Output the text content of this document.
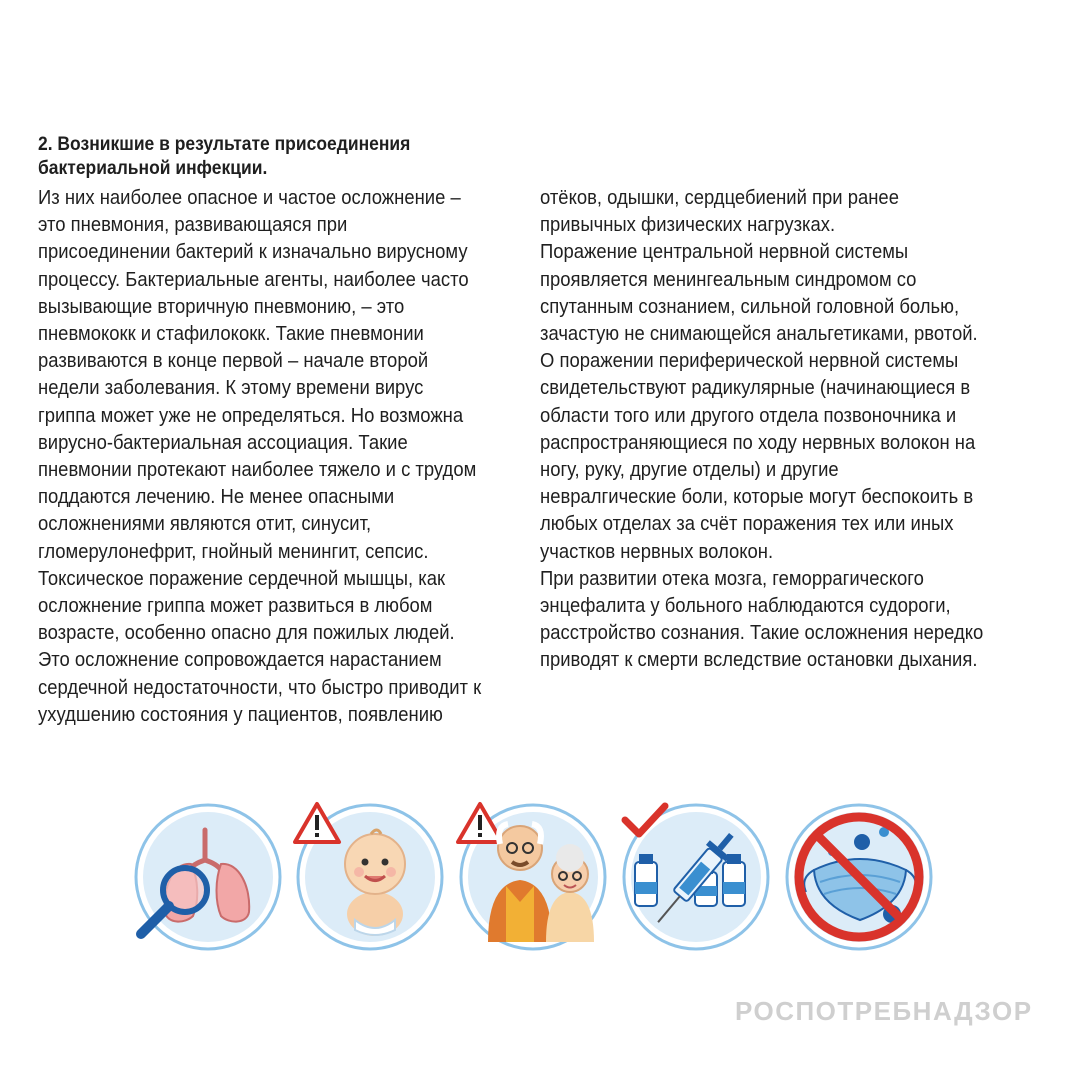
2. Возникшие в результате присоединения
бактериальной инфекции.
Из них наиболее опасное и частое осложнение –
это пневмония, развивающаяся при
присоединении бактерий к изначально вирусному
процессу. Бактериальные агенты, наиболее часто
вызывающие вторичную пневмонию, – это
пневмококк и стафилококк. Такие пневмонии
развиваются в конце первой – начале второй
недели заболевания. К этому времени вирус
гриппа может уже не определяться. Но возможна
вирусно-бактериальная ассоциация. Такие
пневмонии протекают наиболее тяжело и с трудом
поддаются лечению. Не менее опасными
осложнениями являются отит, синусит,
гломерулонефрит, гнойный менингит, сепсис.
Токсическое поражение сердечной мышцы, как
осложнение гриппа может развиться в любом
возрасте, особенно опасно для пожилых людей.
Это осложнение сопровождается нарастанием
сердечной недостаточности, что быстро приводит к
ухудшению состояния у пациентов, появлению
отёков, одышки, сердцебиений при ранее
привычных физических нагрузках.
Поражение центральной нервной системы
проявляется менингеальным синдромом со
спутанным сознанием, сильной головной болью,
зачастую не снимающейся анальгетиками, рвотой.
О поражении периферической нервной системы
свидетельствуют радикулярные (начинающиеся в
области того или другого отдела позвоночника и
распространяющиеся по ходу нервных волокон на
ногу, руку, другие отделы) и другие
невралгические боли, которые могут беспокоить в
любых отделах за счёт поражения тех или иных
участков нервных волокон.
При развитии отека мозга, геморрагического
энцефалита у больного наблюдаются судороги,
расстройство сознания. Такие осложнения нередко
приводят к смерти вследствие остановки дыхания.
РОСПОТРЕБНАДЗОР
